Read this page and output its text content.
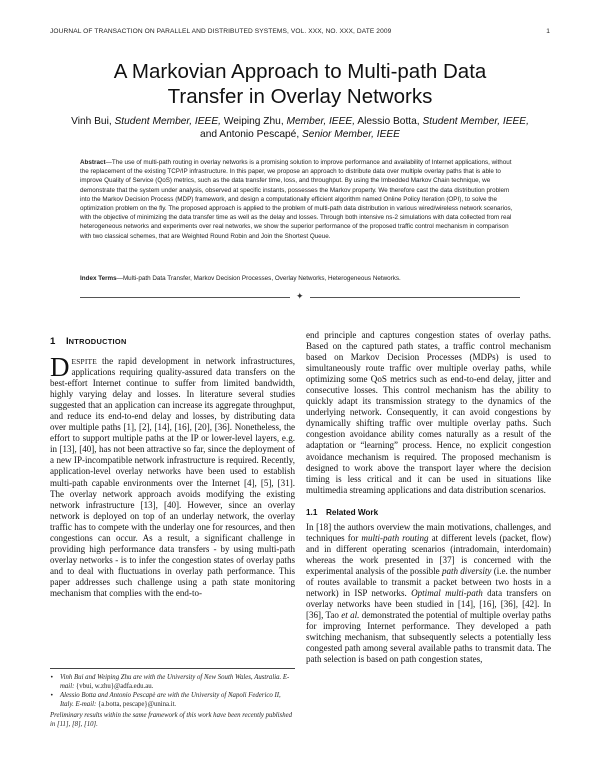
JOURNAL OF TRANSACTION ON PARALLEL AND DISTRIBUTED SYSTEMS, VOL. XXX, NO. XXX, DATE 2009	1
A Markovian Approach to Multi-path Data
Transfer in Overlay Networks
Vinh Bui, Student Member, IEEE, Weiping Zhu, Member, IEEE, Alessio Botta, Student Member, IEEE,
and Antonio Pescapé, Senior Member, IEEE
Abstract—The use of multi-path routing in overlay networks is a promising solution to improve performance and availability of Internet applications, without the replacement of the existing TCP/IP infrastructure. In this paper, we propose an approach to distribute data over multiple overlay paths that is able to improve Quality of Service (QoS) metrics, such as the data transfer time, loss, and throughput. By using the Imbedded Markov Chain technique, we demonstrate that the system under analysis, observed at specific instants, possesses the Markov property. We therefore cast the data distribution problem into the Markov Decision Process (MDP) framework, and design a computationally efficient algorithm named Online Policy Iteration (OPI), to solve the optimization problem on the fly. The proposed approach is applied to the problem of multi-path data distribution in various wired/wireless network scenarios, with the objective of minimizing the data transfer time as well as the delay and losses. Through both intensive ns-2 simulations with data collected from real heterogeneous networks and experiments over real networks, we show the superior performance of the proposed traffic control mechanism in comparison with two classical schemes, that are Weighted Round Robin and Join the Shortest Queue.
Index Terms—Multi-path Data Transfer, Markov Decision Processes, Overlay Networks, Heterogeneous Networks.
✦
1 INTRODUCTION

DESPITE the rapid development in network infrastructures, applications requiring quality-assured data transfers on the best-effort Internet continue to suffer from limited bandwidth, highly varying delay and losses. In literature several studies suggested that an application can increase its aggregate throughput, and reduce its end-to-end delay and losses, by distributing data over multiple paths [1], [2], [14], [16], [20], [36]. Nonetheless, the effort to support multiple paths at the IP or lower-level layers, e.g. in [13], [40], has not been attractive so far, since the deployment of a new IP-incompatible network infrastructure is required. Recently, application-level overlay networks have been used to establish multi-path capable environments over the Internet [4], [5], [31]. The overlay network approach avoids modifying the existing network infrastructure [13], [40]. However, since an overlay network is deployed on top of an underlay network, the overlay traffic has to compete with the underlay one for resources, and then congestions can occur. As a result, a significant challenge in providing high performance data transfers - by using multi-path overlay networks - is to infer the congestion states of overlay paths and to deal with fluctuations in overlay path performance. This paper addresses such challenge using a path state monitoring mechanism that complies with the end-to-

end principle and captures congestion states of overlay paths. Based on the captured path states, a traffic control mechanism based on Markov Decision Processes (MDPs) is used to simultaneously route traffic over multiple overlay paths, while optimizing some QoS metrics such as end-to-end delay, jitter and consecutive losses. This control mechanism has the ability to quickly adapt its transmission strategy to the dynamics of the underlying network. Consequently, it can avoid congestions by dynamically shifting traffic over multiple overlay paths. Such congestion avoidance ability comes naturally as a result of the adaptation or “learning” process. Hence, no explicit congestion avoidance mechanism is required. The proposed mechanism is designed to work above the transport layer where the decision timing is less critical and it can be used in situations like multimedia streaming applications and data distribution scenarios.

1.1 Related Work

In [18] the authors overview the main motivations, challenges, and techniques for multi-path routing at different levels (packet, flow) and in different operating scenarios (intradomain, interdomain) whereas the work presented in [37] is concerned with the experimental analysis of the possible path diversity (i.e. the number of routes available to transmit a packet between two hosts in a network) in ISP networks. Optimal multi-path data transfers on overlay networks have been studied in [14], [16], [36], [42]. In [36], Tao et al. demonstrated the potential of multiple overlay paths for improving Internet performance. They developed a path switching mechanism, that subsequently selects a potentially less congested path among several available paths to transmit data. The path selection is based on path congestion states,

• Vinh Bui and Weiping Zhu are with the University of New South Wales, Australia. E-mail: {vbui, w.zhu}@adfa.edu.au.
• Alessio Botta and Antonio Pescapè are with the University of Napoli Federico II, Italy. E-mail: {a.botta, pescape}@unina.it.
Preliminary results within the same framework of this work have been recently published in [11], [8], [10].
